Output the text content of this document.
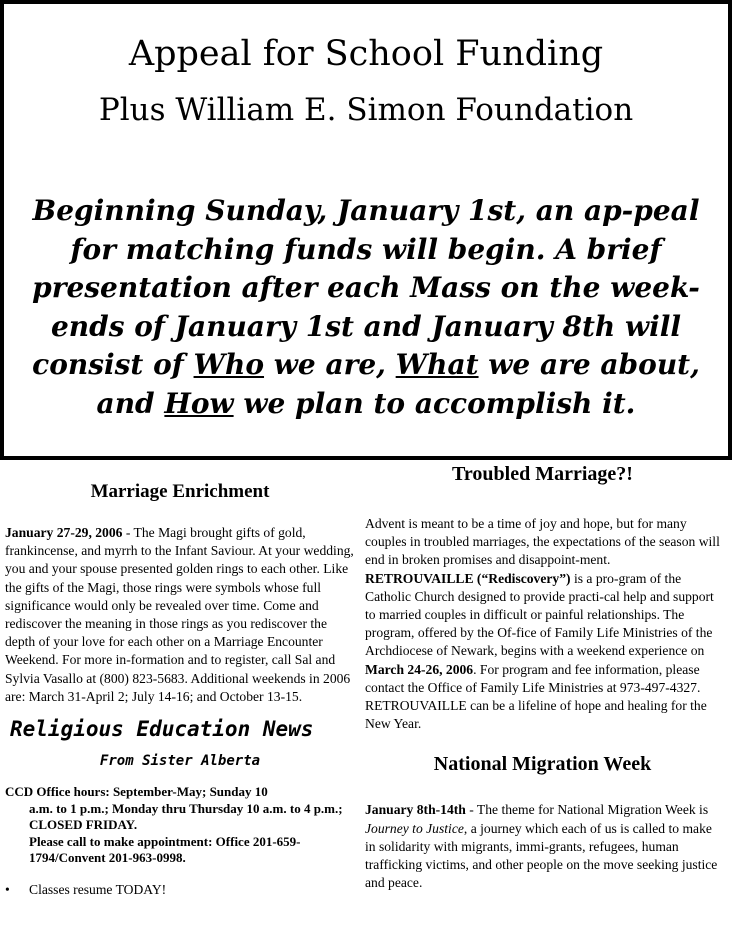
Appeal for School Funding
Plus William E. Simon Foundation
Beginning Sunday, January 1st, an ap-peal for matching funds will begin. A brief presentation after each Mass on the week-ends of January 1st and January 8th will consist of Who we are, What we are about, and How we plan to accomplish it.
Marriage Enrichment

January 27-29, 2006 - The Magi brought gifts of gold, frankincense, and myrrh to the Infant Saviour. At your wedding, you and your spouse presented golden rings to each other. Like the gifts of the Magi, those rings were symbols whose full significance would only be revealed over time. Come and rediscover the meaning in those rings as you rediscover the depth of your love for each other on a Marriage Encounter Weekend. For more in-formation and to register, call Sal and Sylvia Vasallo at (800) 823-5683. Additional weekends in 2006 are: March 31-April 2; July 14-16; and October 13-15.

Religious Education News
From Sister Alberta
CCD Office hours: September-May; Sunday 10
a.m. to 1 p.m.; Monday thru Thursday 10 a.m. to 4 p.m.; CLOSED FRIDAY.
Please call to make appointment: Office 201-659-1794/Convent 201-963-0998.
•	Classes resume TODAY!
Troubled Marriage?!

Advent is meant to be a time of joy and hope, but for many couples in troubled marriages, the expectations of the season will end in broken promises and disappoint-ment. RETROUVAILLE (“Rediscovery”) is a pro-gram of the Catholic Church designed to provide practi-cal help and support to married couples in difficult or painful relationships. The program, offered by the Of-fice of Family Life Ministries of the Archdiocese of Newark, begins with a weekend experience on March 24-26, 2006. For program and fee information, please contact the Office of Family Life Ministries at 973-497-4327. RETROUVAILLE can be a lifeline of hope and healing for the New Year.

National Migration Week

January 8th-14th - The theme for National Migration Week is Journey to Justice, a journey which each of us is called to make in solidarity with migrants, immi-grants, refugees, human trafficking victims, and other people on the move seeking justice and peace.
